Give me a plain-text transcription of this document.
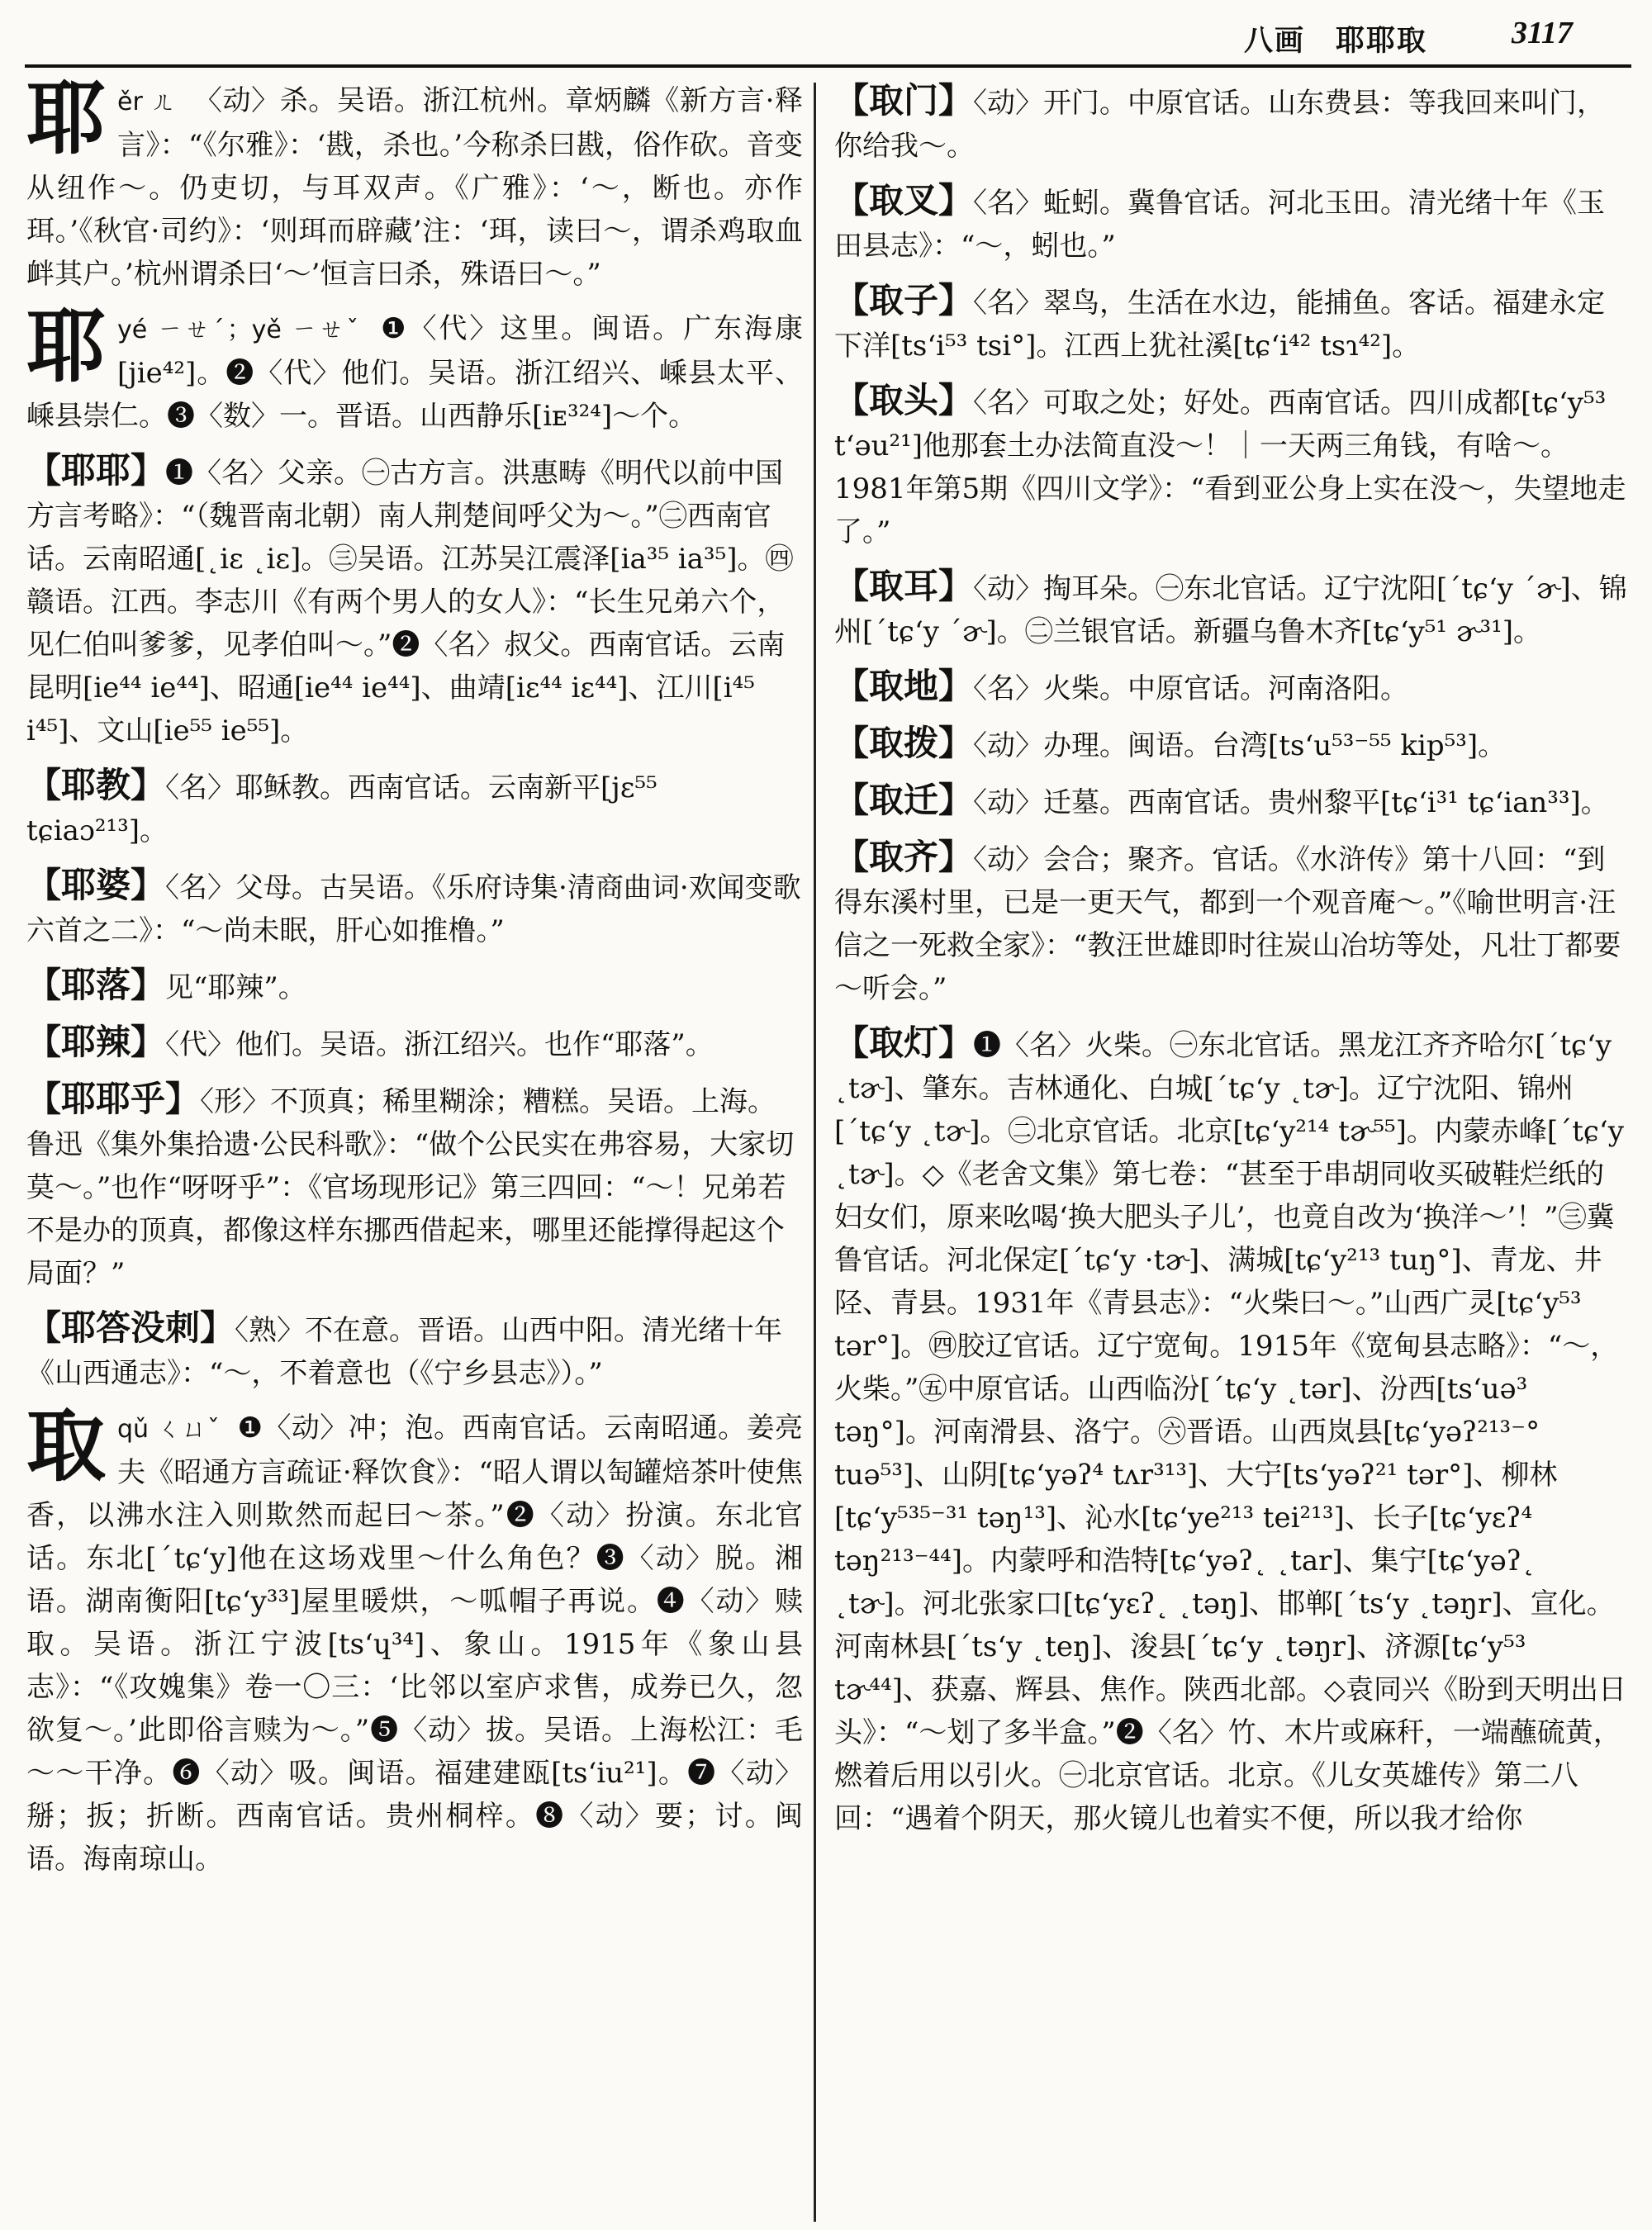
八画　耶耶取	3117
耶 ěr ㄦ 〈动〉杀。吴语。浙江杭州。章炳麟《新方言·释言》：“《尔雅》：‘戡，杀也。’今称杀曰戡，俗作砍。音变从纽作～。仍吏切，与耳双声。《广雅》：‘～，断也。亦作珥。’《秋官·司约》：‘则珥而辟藏’注：‘珥，读曰～，谓杀鸡取血衅其户。’杭州谓杀曰‘～’恒言曰杀，殊语曰～。”
耶 yé ㄧㄝˊ；yě ㄧㄝˇ ❶〈代〉这里。闽语。广东海康[jie⁴²]。❷〈代〉他们。吴语。浙江绍兴、嵊县太平、嵊县崇仁。❸〈数〉一。晋语。山西静乐[iᴇ³²⁴]～个。
【耶耶】❶〈名〉父亲。㊀古方言。洪惠畴《明代以前中国方言考略》：“（魏晋南北朝）南人荆楚间呼父为～。”㊁西南官话。云南昭通[˛iɛ ˛iɛ]。㊂吴语。江苏吴江震泽[ia³⁵ ia³⁵]。㊃赣语。江西。李志川《有两个男人的女人》：“长生兄弟六个，见仁伯叫爹爹，见孝伯叫～。”❷〈名〉叔父。西南官话。云南昆明[ie⁴⁴ ie⁴⁴]、昭通[ie⁴⁴ ie⁴⁴]、曲靖[iɛ⁴⁴ iɛ⁴⁴]、江川[i⁴⁵ i⁴⁵]、文山[ie⁵⁵ ie⁵⁵]。
【耶教】〈名〉耶稣教。西南官话。云南新平[jɛ⁵⁵ tɕiaɔ²¹³]。
【耶婆】〈名〉父母。古吴语。《乐府诗集·清商曲词·欢闻变歌六首之二》：“～尚未眠，肝心如推橹。”
【耶落】见“耶辣”。
【耶辣】〈代〉他们。吴语。浙江绍兴。也作“耶落”。
【耶耶乎】〈形〉不顶真；稀里糊涂；糟糕。吴语。上海。鲁迅《集外集拾遗·公民科歌》：“做个公民实在弗容易，大家切莫～。”也作“呀呀乎”：《官场现形记》第三四回：“～！兄弟若不是办的顶真，都像这样东挪西借起来，哪里还能撑得起这个局面？”
【耶答没刺】〈熟〉不在意。晋语。山西中阳。清光绪十年《山西通志》：“～，不着意也（《宁乡县志》）。”
取 qǔ ㄑㄩˇ ❶〈动〉冲；泡。西南官话。云南昭通。姜亮夫《昭通方言疏证·释饮食》：“昭人谓以匋罐焙茶叶使焦香，以沸水注入则欺然而起曰～茶。”❷〈动〉扮演。东北官话。东北[ˊtɕʻy]他在这场戏里～什么角色？❸〈动〉脱。湘语。湖南衡阳[tɕʻy³³]屋里暖烘，～呱帽子再说。❹〈动〉赎取。吴语。浙江宁波[tsʻɥ³⁴]、象山。1915年《象山县志》：“《攻媿集》卷一〇三：‘比邻以室庐求售，成券已久，忽欲复～。’此即俗言赎为～。”❺〈动〉拔。吴语。上海松江：毛～～干净。❻〈动〉吸。闽语。福建建瓯[tsʻiu²¹]。❼〈动〉掰；扳；折断。西南官话。贵州桐梓。❽〈动〉要；讨。闽语。海南琼山。
【取门】〈动〉开门。中原官话。山东费县：等我回来叫门，你给我～。
【取叉】〈名〉蚯蚓。冀鲁官话。河北玉田。清光绪十年《玉田县志》：“～，蚓也。”
【取子】〈名〉翠鸟，生活在水边，能捕鱼。客话。福建永定下洋[tsʻi⁵³ tsi°]。江西上犹社溪[tɕʻi⁴² tsɿ⁴²]。
【取头】〈名〉可取之处；好处。西南官话。四川成都[tɕʻy⁵³ tʻəu²¹]他那套土办法简直没～！｜一天两三角钱，有啥～。1981年第5期《四川文学》：“看到亚公身上实在没～，失望地走了。”
【取耳】〈动〉掏耳朵。㊀东北官话。辽宁沈阳[ˊtɕʻy ˊɚ]、锦州[ˊtɕʻy ˊɚ]。㊁兰银官话。新疆乌鲁木齐[tɕʻy⁵¹ ɚ³¹]。
【取地】〈名〉火柴。中原官话。河南洛阳。
【取拨】〈动〉办理。闽语。台湾[tsʻu⁵³⁻⁵⁵ kip⁵³]。
【取迁】〈动〉迁墓。西南官话。贵州黎平[tɕʻi³¹ tɕʻian³³]。
【取齐】〈动〉会合；聚齐。官话。《水浒传》第十八回：“到得东溪村里，已是一更天气，都到一个观音庵～。”《喻世明言·汪信之一死救全家》：“教汪世雄即时往炭山冶坊等处，凡壮丁都要～听会。”
【取灯】❶〈名〉火柴。㊀东北官话。黑龙江齐齐哈尔[ˊtɕʻy ˛tɚ]、肇东。吉林通化、白城[ˊtɕʻy ˛tɚ]。辽宁沈阳、锦州[ˊtɕʻy ˛tɚ]。㊁北京官话。北京[tɕʻy²¹⁴ tɚ⁵⁵]。内蒙赤峰[ˊtɕʻy ˛tɚ]。◇《老舍文集》第七卷：“甚至于串胡同收买破鞋烂纸的妇女们，原来吆喝‘换大肥头子儿’，也竟自改为‘换洋～’！”㊂冀鲁官话。河北保定[ˊtɕʻy ·tɚ]、满城[tɕʻy²¹³ tuŋ°]、青龙、井陉、青县。1931年《青县志》：“火柴曰～。”山西广灵[tɕʻy⁵³ tər°]。㊃胶辽官话。辽宁宽甸。1915年《宽甸县志略》：“～，火柴。”㊄中原官话。山西临汾[ˊtɕʻy ˛tər]、汾西[tsʻuə³ təŋ°]。河南滑县、洛宁。㊅晋语。山西岚县[tɕʻyəʔ²¹³⁻° tuə⁵³]、山阴[tɕʻyəʔ⁴ tʌr³¹³]、大宁[tsʻyəʔ²¹ tər°]、柳林[tɕʻy⁵³⁵⁻³¹ təŋ¹³]、沁水[tɕʻye²¹³ tei²¹³]、长子[tɕʻyɛʔ⁴ təŋ²¹³⁻⁴⁴]。内蒙呼和浩特[tɕʻyəʔ˛ ˛tar]、集宁[tɕʻyəʔ˛ ˛tɚ]。河北张家口[tɕʻyɛʔ˛ ˛təŋ]、邯郸[ˊtsʻy ˛təŋr]、宣化。河南林县[ˊtsʻy ˛teŋ]、浚县[ˊtɕʻy ˛təŋr]、济源[tɕʻy⁵³ tɚ⁴⁴]、获嘉、辉县、焦作。陕西北部。◇袁同兴《盼到天明出日头》：“～划了多半盒。”❷〈名〉竹、木片或麻秆，一端蘸硫黄，燃着后用以引火。㊀北京官话。北京。《儿女英雄传》第二八回：“遇着个阴天，那火镜儿也着实不便，所以我才给你
